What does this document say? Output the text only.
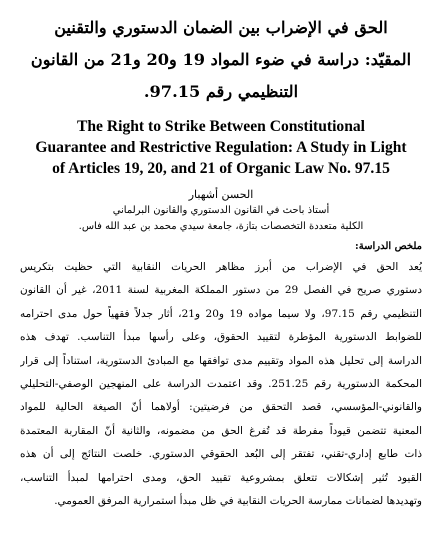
الحق في الإضراب بين الضمان الدستوري والتقنين

المقيّد: دراسة في ضوء المواد 19 و20 و21 من القانون

التنظيمي رقم 97.15.

The Right to Strike Between Constitutional

Guarantee and Restrictive Regulation: A Study in Light

of Articles 19, 20, and 21 of Organic Law No. 97.15

الحسن أشهبار

أستاذ باحث في القانون الدستوري والقانون البرلماني

الكلية متعددة التخصصات بتازة، جامعة سيدي محمد بن عبد الله فاس.

ملخص الدراسة:

يُعد الحق في الإضراب من أبرز مظاهر الحريات النقابية التي حظيت بتكريس
دستوري صريح في الفصل 29 من دستور المملكة المغربية لسنة 2011، غير أن القانون
التنظيمي رقم 97.15، ولا سيما مواده 19 و20 و21، أثار جدلاً فقهياً حول مدى احترامه
للضوابط الدستورية المؤطرة لتقييد الحقوق، وعلى رأسها مبدأ التناسب. تهدف هذه
الدراسة إلى تحليل هذه المواد وتقييم مدى توافقها مع المبادئ الدستورية، استناداً إلى قرار
المحكمة الدستورية رقم 251.25. وقد اعتمدت الدراسة على المنهجين الوصفي-التحليلي
والقانوني-المؤسسي، قصد التحقق من فرضيتين: أولاهما أنّ الصيغة الحالية للمواد
المعنية تتضمن قيوداً مفرطة قد تُفرغ الحق من مضمونه، والثانية أنّ المقاربة المعتمدة
ذات طابع إداري-تقني، تفتقر إلى البُعد الحقوقي الدستوري. خلصت النتائج إلى أن هذه
القيود تُثير إشكالات تتعلق بمشروعية تقييد الحق، ومدى احترامها لمبدأ التناسب،
وتهديدها لضمانات ممارسة الحريات النقابية في ظل مبدأ استمرارية المرفق العمومي.
